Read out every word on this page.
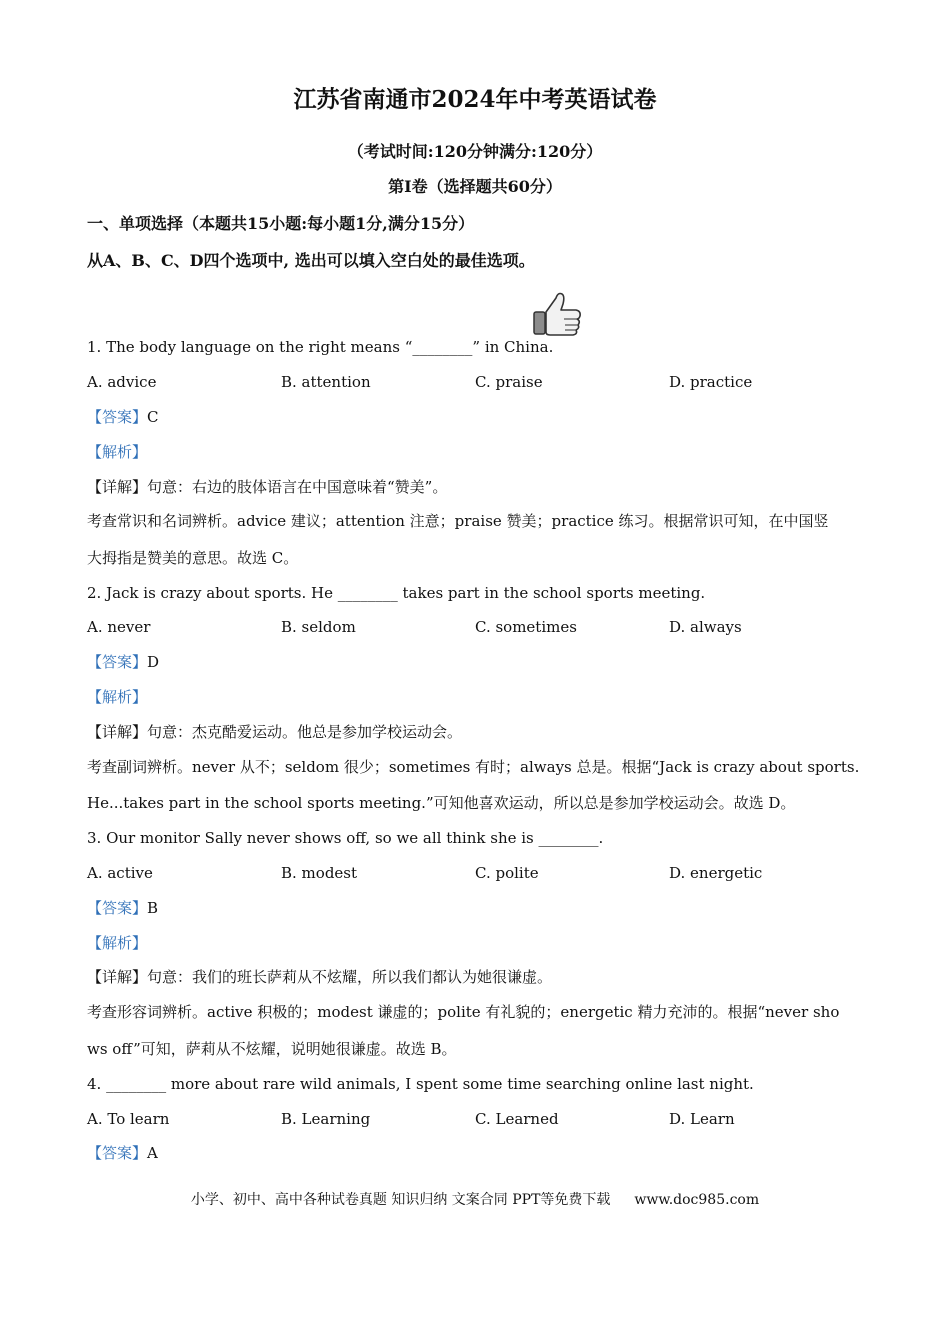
江苏省南通市2024年中考英语试卷
（考试时间:120分钟满分:120分）
第Ⅰ卷（选择题共60分）
一、单项选择（本题共15小题:每小题1分,满分15分）
从A、B、C、D四个选项中, 选出可以填入空白处的最佳选项。
1. The body language on the right means “________” in China.
A. advice	B. attention	C. praise	D. practice
【答案】C
【解析】
【详解】句意：右边的肢体语言在中国意味着“赞美”。
考查常识和名词辨析。advice 建议；attention 注意；praise 赞美；practice 练习。根据常识可知，在中国竖
大拇指是赞美的意思。故选 C。
2. Jack is crazy about sports. He ________ takes part in the school sports meeting.
A. never	B. seldom	C. sometimes	D. always
【答案】D
【解析】
【详解】句意：杰克酷爱运动。他总是参加学校运动会。
考查副词辨析。never 从不；seldom 很少；sometimes 有时；always 总是。根据“Jack is crazy about sports.
He...takes part in the school sports meeting.”可知他喜欢运动，所以总是参加学校运动会。故选 D。
3. Our monitor Sally never shows off, so we all think she is ________.
A. active	B. modest	C. polite	D. energetic
【答案】B
【解析】
【详解】句意：我们的班长萨莉从不炫耀，所以我们都认为她很谦虚。
考查形容词辨析。active 积极的；modest 谦虚的；polite 有礼貌的；energetic 精力充沛的。根据“never sho
ws off”可知，萨莉从不炫耀，说明她很谦虚。故选 B。
4. ________ more about rare wild animals, I spent some time searching online last night.
A. To learn	B. Learning	C. Learned	D. Learn
【答案】A
小学、初中、高中各种试卷真题 知识归纳 文案合同 PPT等免费下载 www.doc985.com
